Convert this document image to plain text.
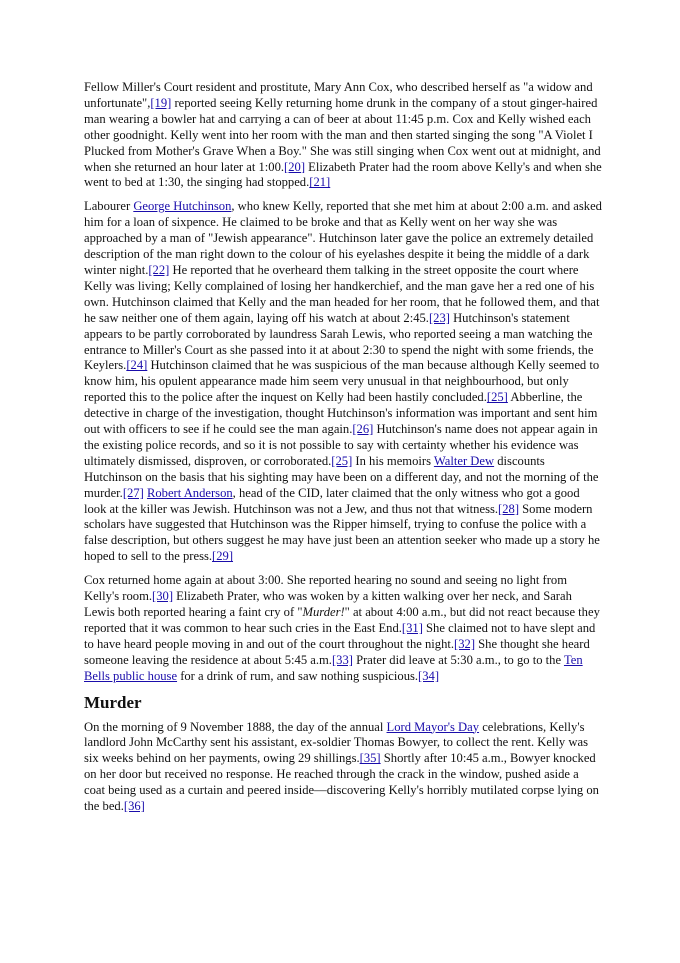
Fellow Miller's Court resident and prostitute, Mary Ann Cox, who described herself as "a widow and unfortunate",[19] reported seeing Kelly returning home drunk in the company of a stout ginger-haired man wearing a bowler hat and carrying a can of beer at about 11:45 p.m. Cox and Kelly wished each other goodnight. Kelly went into her room with the man and then started singing the song "A Violet I Plucked from Mother's Grave When a Boy." She was still singing when Cox went out at midnight, and when she returned an hour later at 1:00.[20] Elizabeth Prater had the room above Kelly's and when she went to bed at 1:30, the singing had stopped.[21]

Labourer George Hutchinson, who knew Kelly, reported that she met him at about 2:00 a.m. and asked him for a loan of sixpence. He claimed to be broke and that as Kelly went on her way she was approached by a man of "Jewish appearance". Hutchinson later gave the police an extremely detailed description of the man right down to the colour of his eyelashes despite it being the middle of a dark winter night.[22] He reported that he overheard them talking in the street opposite the court where Kelly was living; Kelly complained of losing her handkerchief, and the man gave her a red one of his own. Hutchinson claimed that Kelly and the man headed for her room, that he followed them, and that he saw neither one of them again, laying off his watch at about 2:45.[23] Hutchinson's statement appears to be partly corroborated by laundress Sarah Lewis, who reported seeing a man watching the entrance to Miller's Court as she passed into it at about 2:30 to spend the night with some friends, the Keylers.[24] Hutchinson claimed that he was suspicious of the man because although Kelly seemed to know him, his opulent appearance made him seem very unusual in that neighbourhood, but only reported this to the police after the inquest on Kelly had been hastily concluded.[25] Abberline, the detective in charge of the investigation, thought Hutchinson's information was important and sent him out with officers to see if he could see the man again.[26] Hutchinson's name does not appear again in the existing police records, and so it is not possible to say with certainty whether his evidence was ultimately dismissed, disproven, or corroborated.[25] In his memoirs Walter Dew discounts Hutchinson on the basis that his sighting may have been on a different day, and not the morning of the murder.[27] Robert Anderson, head of the CID, later claimed that the only witness who got a good look at the killer was Jewish. Hutchinson was not a Jew, and thus not that witness.[28] Some modern scholars have suggested that Hutchinson was the Ripper himself, trying to confuse the police with a false description, but others suggest he may have just been an attention seeker who made up a story he hoped to sell to the press.[29]

Cox returned home again at about 3:00. She reported hearing no sound and seeing no light from Kelly's room.[30] Elizabeth Prater, who was woken by a kitten walking over her neck, and Sarah Lewis both reported hearing a faint cry of "Murder!" at about 4:00 a.m., but did not react because they reported that it was common to hear such cries in the East End.[31] She claimed not to have slept and to have heard people moving in and out of the court throughout the night.[32] She thought she heard someone leaving the residence at about 5:45 a.m.[33] Prater did leave at 5:30 a.m., to go to the Ten Bells public house for a drink of rum, and saw nothing suspicious.[34]

Murder

On the morning of 9 November 1888, the day of the annual Lord Mayor's Day celebrations, Kelly's landlord John McCarthy sent his assistant, ex-soldier Thomas Bowyer, to collect the rent. Kelly was six weeks behind on her payments, owing 29 shillings.[35] Shortly after 10:45 a.m., Bowyer knocked on her door but received no response. He reached through the crack in the window, pushed aside a coat being used as a curtain and peered inside—discovering Kelly's horribly mutilated corpse lying on the bed.[36]
